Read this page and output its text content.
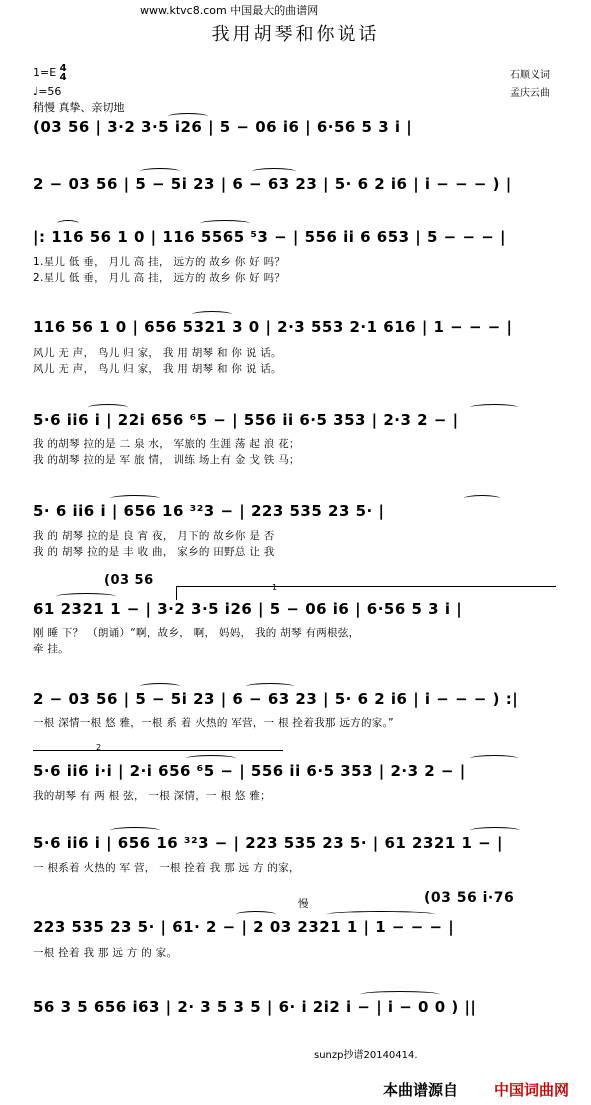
www.ktvc8.com 中国最大的曲谱网
我用胡琴和你说话
1=E 4
4
♩=56
稍慢 真挚、亲切地
石顺义词
孟庆云曲
(03 56 | 3·2 3·5 i26 | 5 − 06 i6 | 6·56 5 3 i |
2 − 03 56 | 5 − 5i 23 | 6 − 63 23 | 5· 6 2 i6 | i − − − ) |
|: 116 56 1 0 | 116 5565 ⁵3 − | 556 ii 6 653 | 5 − − − |
1.星儿 低 垂， 月儿 高 挂， 远方的 故乡 你 好 吗？
2.星儿 低 垂， 月儿 高 挂， 远方的 故乡 你 好 吗？
116 56 1 0 | 656 5321 3 0 | 2·3 553 2·1 616 | 1 − − − |
风儿 无 声， 鸟儿 归 家， 我 用 胡琴 和 你 说 话。
风儿 无 声， 鸟儿 归 家， 我 用 胡琴 和 你 说 话。
5·6 ii6 i | 22i 656 ⁶5 − | 556 ii 6·5 353 | 2·3 2 − |
我 的胡琴 拉的是 二 泉 水， 军旅的 生涯 荡 起 浪 花；
我 的胡琴 拉的是 军 旅 情， 训练 场上有 金 戈 铁 马；
5· 6 ii6 i | 656 16 ³²3 − | 223 535 23 5· |
我 的 胡琴 拉的是 良 宵 夜， 月下的 故乡你 是 否
我 的 胡琴 拉的是 丰 收 曲， 家乡的 田野总 让 我
(03 56	1
61 2321 1 − | 3·2 3·5 i26 | 5 − 06 i6 | 6·56 5 3 i |
刚 睡 下？ （朗诵）“啊，故乡， 啊， 妈妈， 我的 胡琴 有两根弦，
牵 挂。
2 − 03 56 | 5 − 5i 23 | 6 − 63 23 | 5· 6 2 i6 | i − − − ) :|
一根 深情一根 悠 雅，一根 系 着 火热的 军营，一 根 拴着我那 远方的家。”
2
5·6 ii6 i·i | 2·i 656 ⁶5 − | 556 ii 6·5 353 | 2·3 2 − |
我的胡琴 有 两 根 弦， 一根 深情，一 根 悠 雅；
5·6 ii6 i | 656 16 ³²3 − | 223 535 23 5· | 61 2321 1 − |
一 根系着 火热的 军 营， 一根 拴着 我 那 远 方 的家，
慢	(03 56 i·76
223 535 23 5· | 61· 2 − | 2 03 2321 1 | 1 − − − |
一根 拴着 我 那 远 方 的 家。
56 3 5 656 i63 | 2· 3 5 3 5 | 6· i 2i2 i − | i − 0 0 ) ||
sunzp抄谱20140414.
本曲谱源自 中国词曲网
